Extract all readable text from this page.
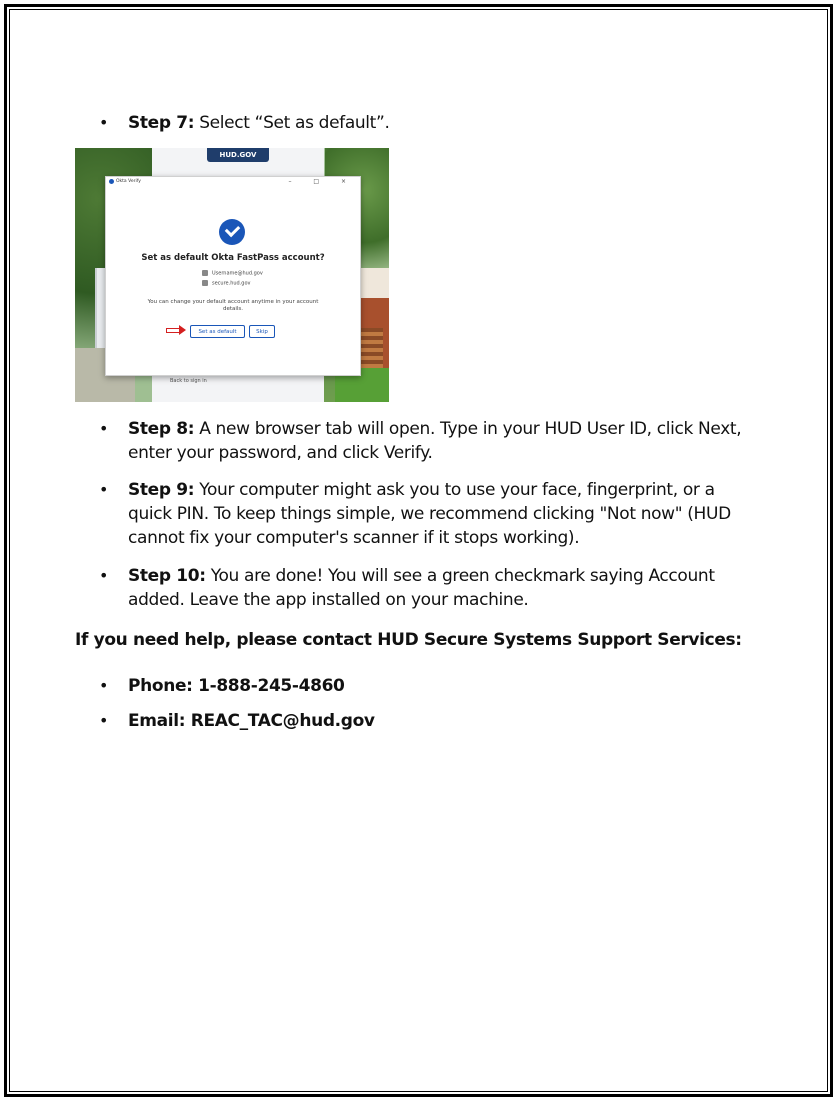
•	Step 7: Select “Set as default”.
HUD.GOV
Back to sign in
Okta Verify	– □ ×
Set as default Okta FastPass account?
Username@hud.gov
secure.hud.gov
You can change your default account anytime in your account details.
Set as default	Skip
•	Step 8: A new browser tab will open. Type in your HUD User ID, click Next, enter your password, and click Verify.
•	Step 9: Your computer might ask you to use your face, fingerprint, or a quick PIN. To keep things simple, we recommend clicking "Not now" (HUD cannot fix your computer's scanner if it stops working).
•	Step 10: You are done! You will see a green checkmark saying Account added. Leave the app installed on your machine.
If you need help, please contact HUD Secure Systems Support Services:
•	Phone: 1-888-245-4860
•	Email: REAC_TAC@hud.gov
